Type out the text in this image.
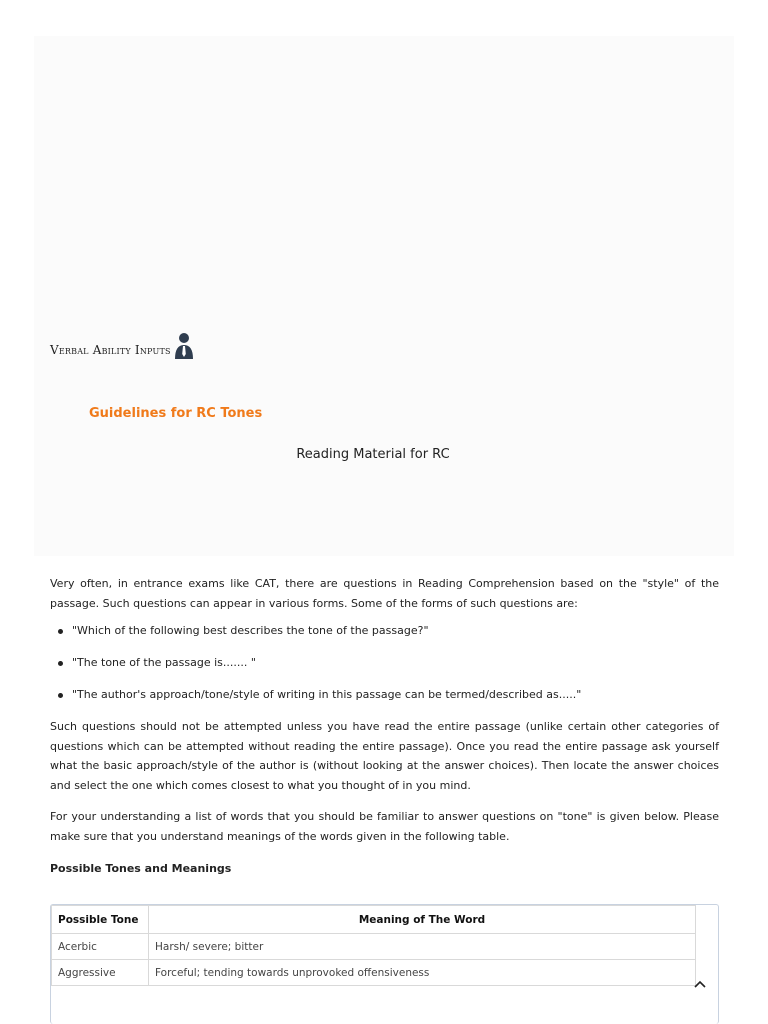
Verbal Ability Inputs
Guidelines for RC Tones
Reading Material for RC

Very often, in entrance exams like CAT, there are questions in Reading Comprehension based on the "style" of the passage. Such questions can appear in various forms. Some of the forms of such questions are:

"Which of the following best describes the tone of the passage?"
"The tone of the passage is....... "
"The author's approach/tone/style of writing in this passage can be termed/described as....."

Such questions should not be attempted unless you have read the entire passage (unlike certain other categories of questions which can be attempted without reading the entire passage). Once you read the entire passage ask yourself what the basic approach/style of the author is (without looking at the answer choices). Then locate the answer choices and select the one which comes closest to what you thought of in you mind.

For your understanding a list of words that you should be familiar to answer questions on "tone" is given below. Please make sure that you understand meanings of the words given in the following table.

Possible Tones and Meanings
Possible Tone	Meaning of The Word
Acerbic	Harsh/ severe; bitter
Aggressive	Forceful; tending towards unprovoked offensiveness
